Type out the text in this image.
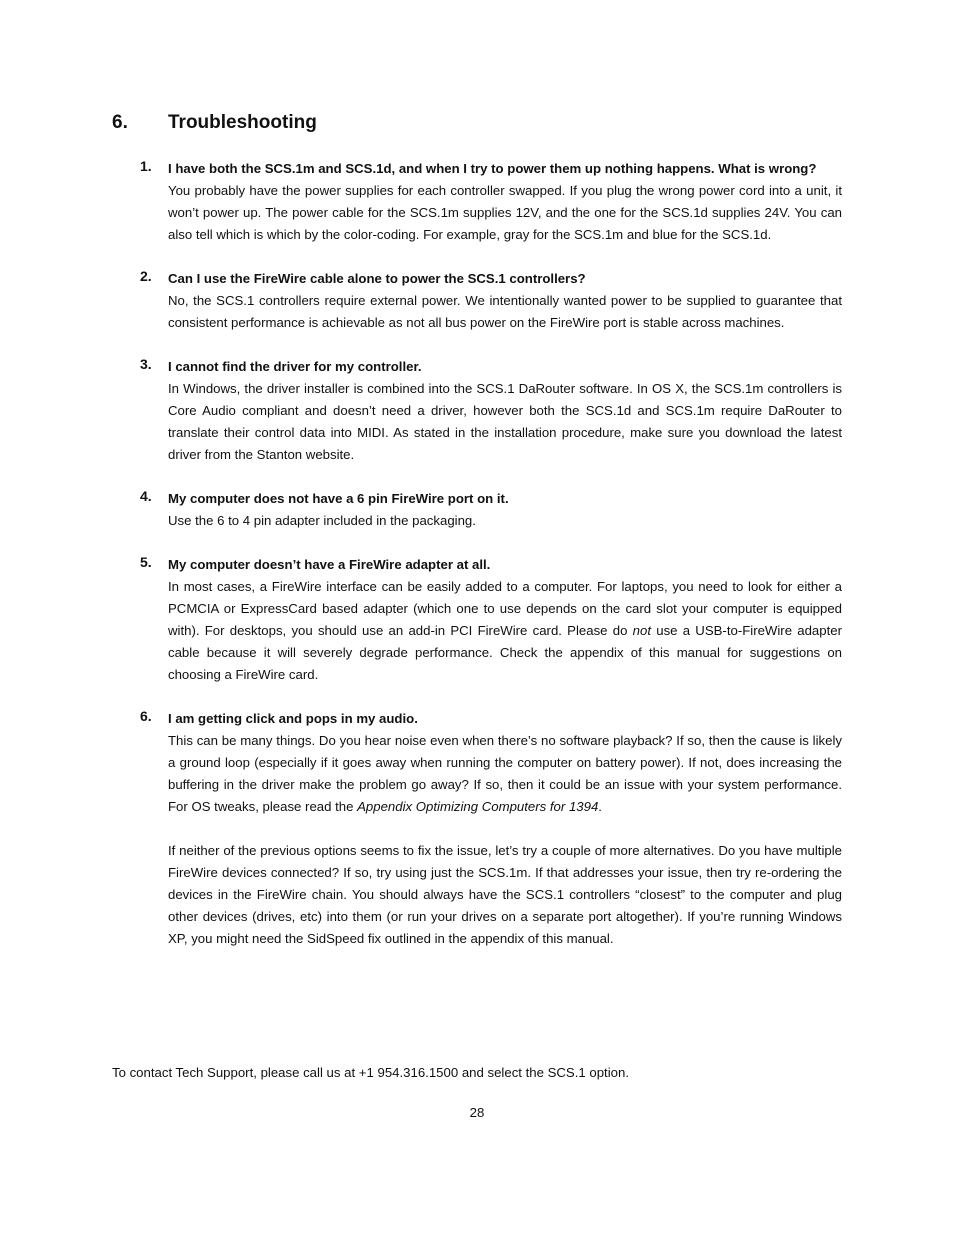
6. Troubleshooting
1. I have both the SCS.1m and SCS.1d, and when I try to power them up nothing happens. What is wrong?

You probably have the power supplies for each controller swapped. If you plug the wrong power cord into a unit, it won’t power up. The power cable for the SCS.1m supplies 12V, and the one for the SCS.1d supplies 24V. You can also tell which is which by the color-coding. For example, gray for the SCS.1m and blue for the SCS.1d.

2. Can I use the FireWire cable alone to power the SCS.1 controllers?

No, the SCS.1 controllers require external power. We intentionally wanted power to be supplied to guarantee that consistent performance is achievable as not all bus power on the FireWire port is stable across machines.

3. I cannot find the driver for my controller.

In Windows, the driver installer is combined into the SCS.1 DaRouter software. In OS X, the SCS.1m controllers is Core Audio compliant and doesn’t need a driver, however both the SCS.1d and SCS.1m require DaRouter to translate their control data into MIDI. As stated in the installation procedure, make sure you download the latest driver from the Stanton website.

4. My computer does not have a 6 pin FireWire port on it.

Use the 6 to 4 pin adapter included in the packaging.

5. My computer doesn’t have a FireWire adapter at all.

In most cases, a FireWire interface can be easily added to a computer. For laptops, you need to look for either a PCMCIA or ExpressCard based adapter (which one to use depends on the card slot your computer is equipped with). For desktops, you should use an add-in PCI FireWire card. Please do not use a USB-to-FireWire adapter cable because it will severely degrade performance. Check the appendix of this manual for suggestions on choosing a FireWire card.

6. I am getting click and pops in my audio.

This can be many things. Do you hear noise even when there’s no software playback? If so, then the cause is likely a ground loop (especially if it goes away when running the computer on battery power). If not, does increasing the buffering in the driver make the problem go away? If so, then it could be an issue with your system performance. For OS tweaks, please read the Appendix Optimizing Computers for 1394.

If neither of the previous options seems to fix the issue, let’s try a couple of more alternatives. Do you have multiple FireWire devices connected? If so, try using just the SCS.1m. If that addresses your issue, then try re-ordering the devices in the FireWire chain. You should always have the SCS.1 controllers “closest” to the computer and plug other devices (drives, etc) into them (or run your drives on a separate port altogether). If you’re running Windows XP, you might need the SidSpeed fix outlined in the appendix of this manual.

To contact Tech Support, please call us at +1 954.316.1500 and select the SCS.1 option.

28
